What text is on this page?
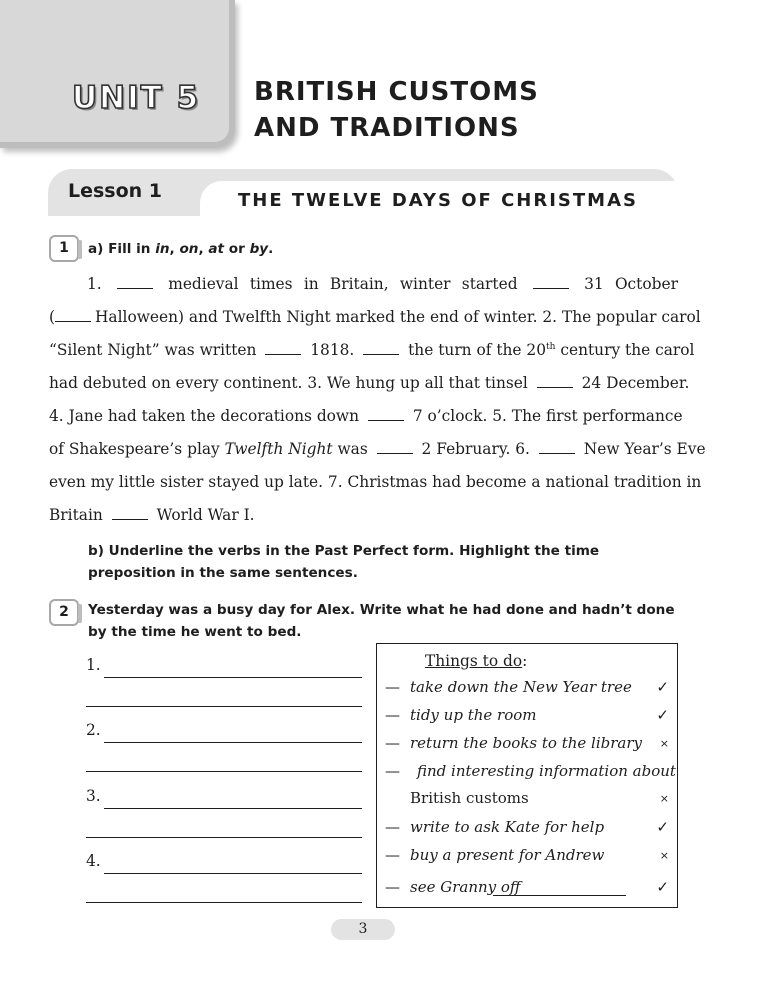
UNIT 5 BRITISH CUSTOMS
AND TRADITIONS
Lesson 1	THE TWELVE DAYS OF CHRISTMAS
1	a) Fill in in, on, at or by.
1.	medieval times in Britain, winter started	31 October
(	Halloween) and Twelfth Night marked the end of winter. 2. The popular carol
“Silent Night” was written	1818.	the turn of the 20th century the carol
had debuted on every continent. 3. We hung up all that tinsel	24 December.
4. Jane had taken the decorations down	7 o’clock. 5. The first performance
of Shakespeare’s play Twelfth Night was	2 February. 6.	New Year’s Eve
even my little sister stayed up late. 7. Christmas had become a national tradition in
Britain	World War I.
b) Underline the verbs in the Past Perfect form. Highlight the time preposition in the same sentences.
2	Yesterday was a busy day for Alex. Write what he had done and hadn’t done by the time he went to bed.
1.
2.
3.
4.
Things to do:
— take down the New Year tree ✓
— tidy up the room	✓
— return the books to the library ×
— find interesting information about
British customs	×
— write to ask Kate for help	✓
— buy a present for Andrew	×
— see Granny off	✓
3
